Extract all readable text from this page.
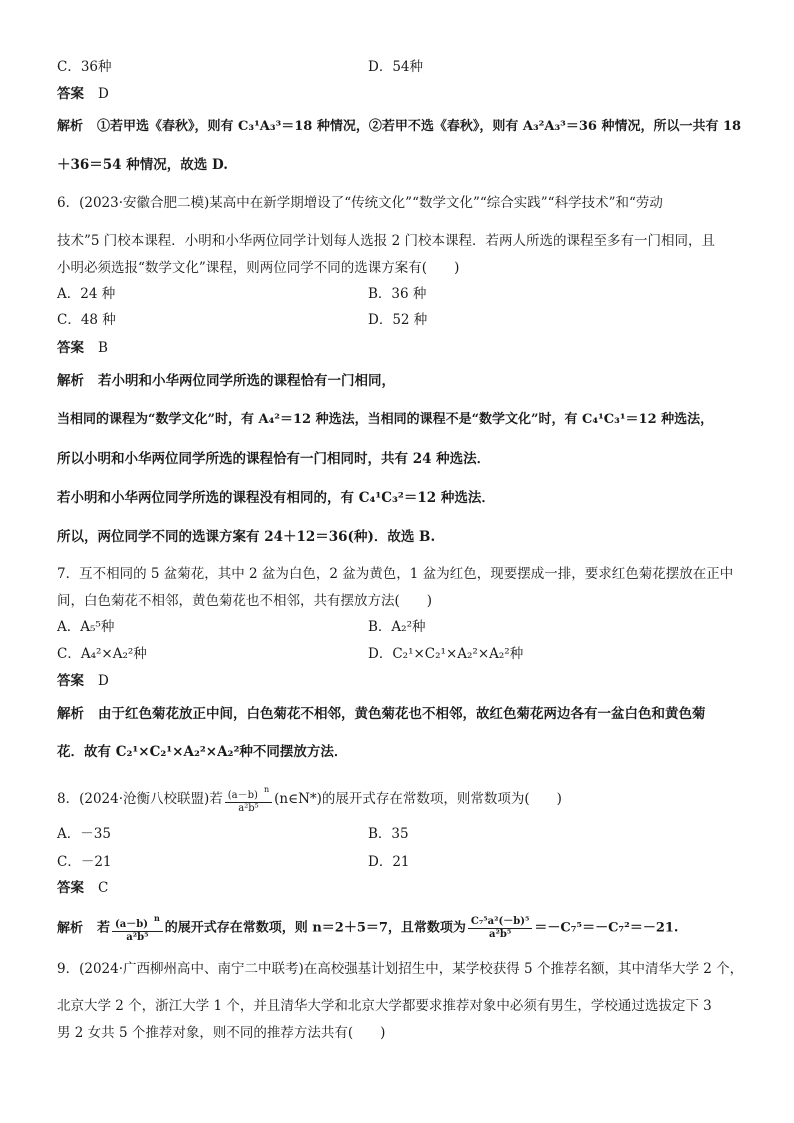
C．36种	D．54种
答案 D
解析 ①若甲选《春秋》，则有 C₃¹A₃³＝18 种情况，②若甲不选《春秋》，则有 A₃²A₃³＝36 种情况，所以一共有 18
＋36＝54 种情况，故选 D.
6．(2023·安徽合肥二模)某高中在新学期增设了“传统文化”“数学文化”“综合实践”“科学技术”和“劳动
技术”5 门校本课程．小明和小华两位同学计划每人选报 2 门校本课程．若两人所选的课程至多有一门相同，且
小明必须选报“数学文化”课程，则两位同学不同的选课方案有(　　)
A．24 种	B．36 种
C．48 种	D．52 种
答案 B
解析 若小明和小华两位同学所选的课程恰有一门相同，
当相同的课程为“数学文化”时，有 A₄²＝12 种选法，当相同的课程不是“数学文化”时，有 C₄¹C₃¹＝12 种选法，
所以小明和小华两位同学所选的课程恰有一门相同时，共有 24 种选法．
若小明和小华两位同学所选的课程没有相同的，有 C₄¹C₃²＝12 种选法．
所以，两位同学不同的选课方案有 24＋12＝36(种)．故选 B.
7．互不相同的 5 盆菊花，其中 2 盆为白色，2 盆为黄色，1 盆为红色，现要摆成一排，要求红色菊花摆放在正中
间，白色菊花不相邻，黄色菊花也不相邻，共有摆放方法(　　)
A．A₅⁵种	B．A₂²种
C．A₄²×A₂²种	D．C₂¹×C₂¹×A₂²×A₂²种
答案 D
解析 由于红色菊花放正中间，白色菊花不相邻，黄色菊花也不相邻，故红色菊花两边各有一盆白色和黄色菊
花．故有 C₂¹×C₂¹×A₂²×A₂²种不同摆放方法．
8．(2024·沧衡八校联盟)若 $\frac{(a-b)^n}{\text{a²b⁵}}$ (n∈N*)的展开式存在常数项，则常数项为(　　)
A．－35	B．35
C．－21	D．21
答案 C
解析 若 $\frac{(a-b)^n}{\text{a²b⁵}}$ 的展开式存在常数项，则 n＝2＋5＝7，且常数项为 $\frac{\text{C₇⁵a²(－b)⁵}}{\text{a²b⁵}} =-C_7^5=-C_7^2=-21$.
9．(2024·广西柳州高中、南宁二中联考)在高校强基计划招生中，某学校获得 5 个推荐名额，其中清华大学 2 个，
北京大学 2 个，浙江大学 1 个，并且清华大学和北京大学都要求推荐对象中必须有男生，学校通过选拔定下 3
男 2 女共 5 个推荐对象，则不同的推荐方法共有(　　)
